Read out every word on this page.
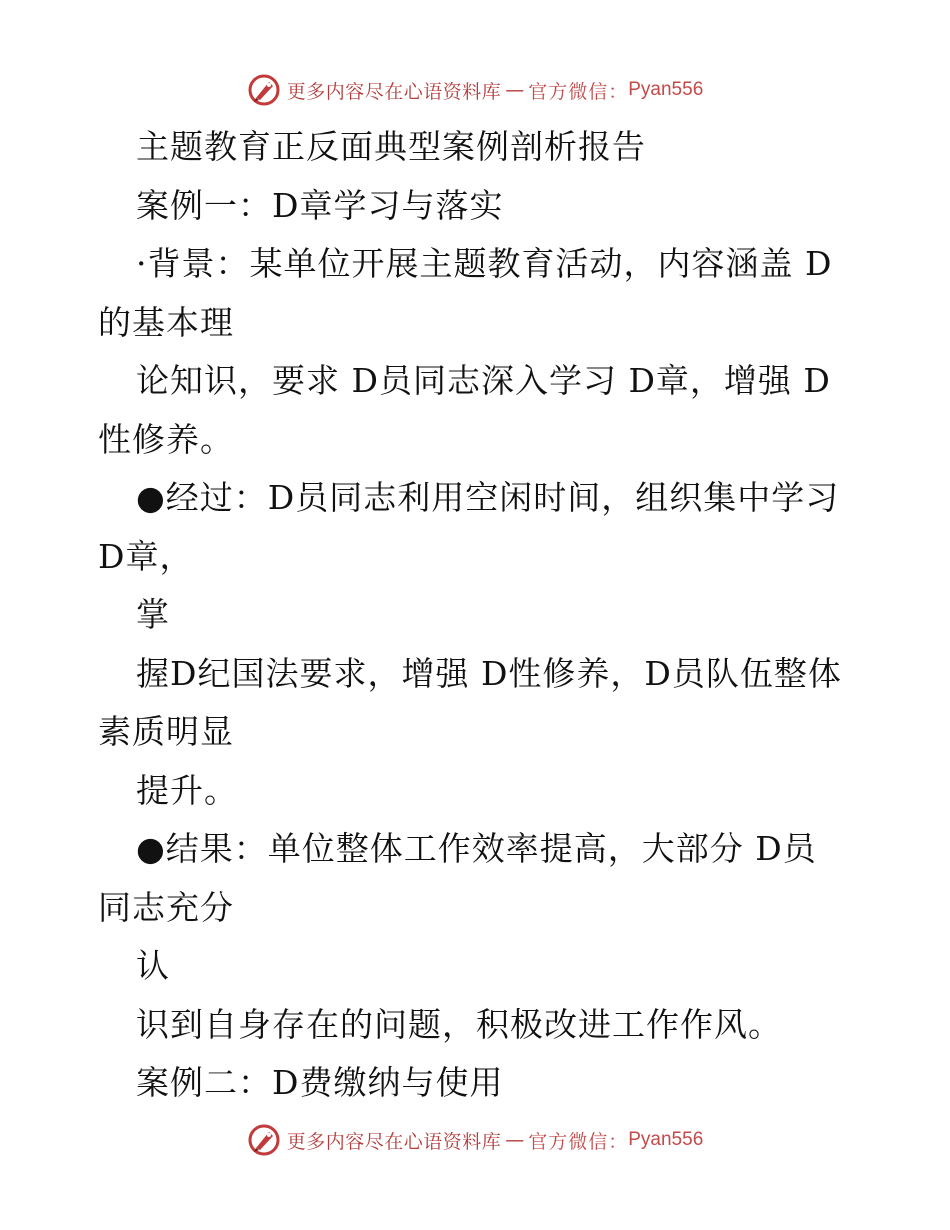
更多内容尽在心语资料库 — 官方微信： Pyan556
主题教育正反面典型案例剖析报告
案例一：D章学习与落实
·背景：某单位开展主题教育活动，内容涵盖 D
的基本理
论知识，要求 D员同志深入学习 D章，增强 D
性修养。
●经过：D员同志利用空闲时间，组织集中学习
D章，
掌
握D纪国法要求，增强 D性修养，D员队伍整体
素质明显
提升。
●结果：单位整体工作效率提高，大部分 D员
同志充分
认
识到自身存在的问题，积极改进工作作风。
案例二：D费缴纳与使用
更多内容尽在心语资料库 — 官方微信： Pyan556
